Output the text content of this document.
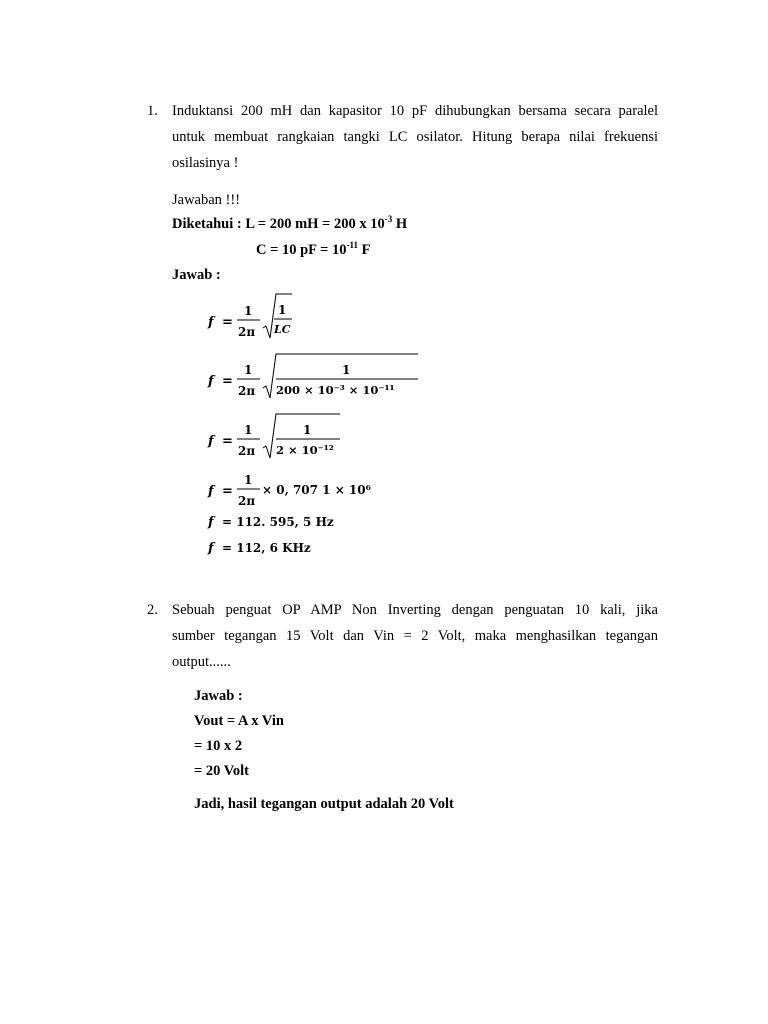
1. Induktansi 200 mH dan kapasitor 10 pF dihubungkan bersama secara paralel
untuk membuat rangkaian tangki LC osilator. Hitung berapa nilai frekuensi
osilasinya !
Jawaban !!!
Diketahui : L = 200 mH = 200 x $10^{-3}$ H
C = 10 pF = $10^{-11}$ F
Jawab :
f =
1
2π
1
LC
f =
1
2π
1
200 × 10⁻³ × 10⁻¹¹
f =
1
2π
1
2 × 10⁻¹²
f =
1
2π
× 0, 707 1 × 10⁶
f = 112. 595, 5 Hz
f = 112, 6 KHz
2. Sebuah penguat OP AMP Non Inverting dengan penguatan 10 kali, jika
sumber tegangan 15 Volt dan Vin = 2 Volt, maka menghasilkan tegangan
output......
Jawab :
Vout = A x Vin
= 10 x 2
= 20 Volt
Jadi, hasil tegangan output adalah 20 Volt
